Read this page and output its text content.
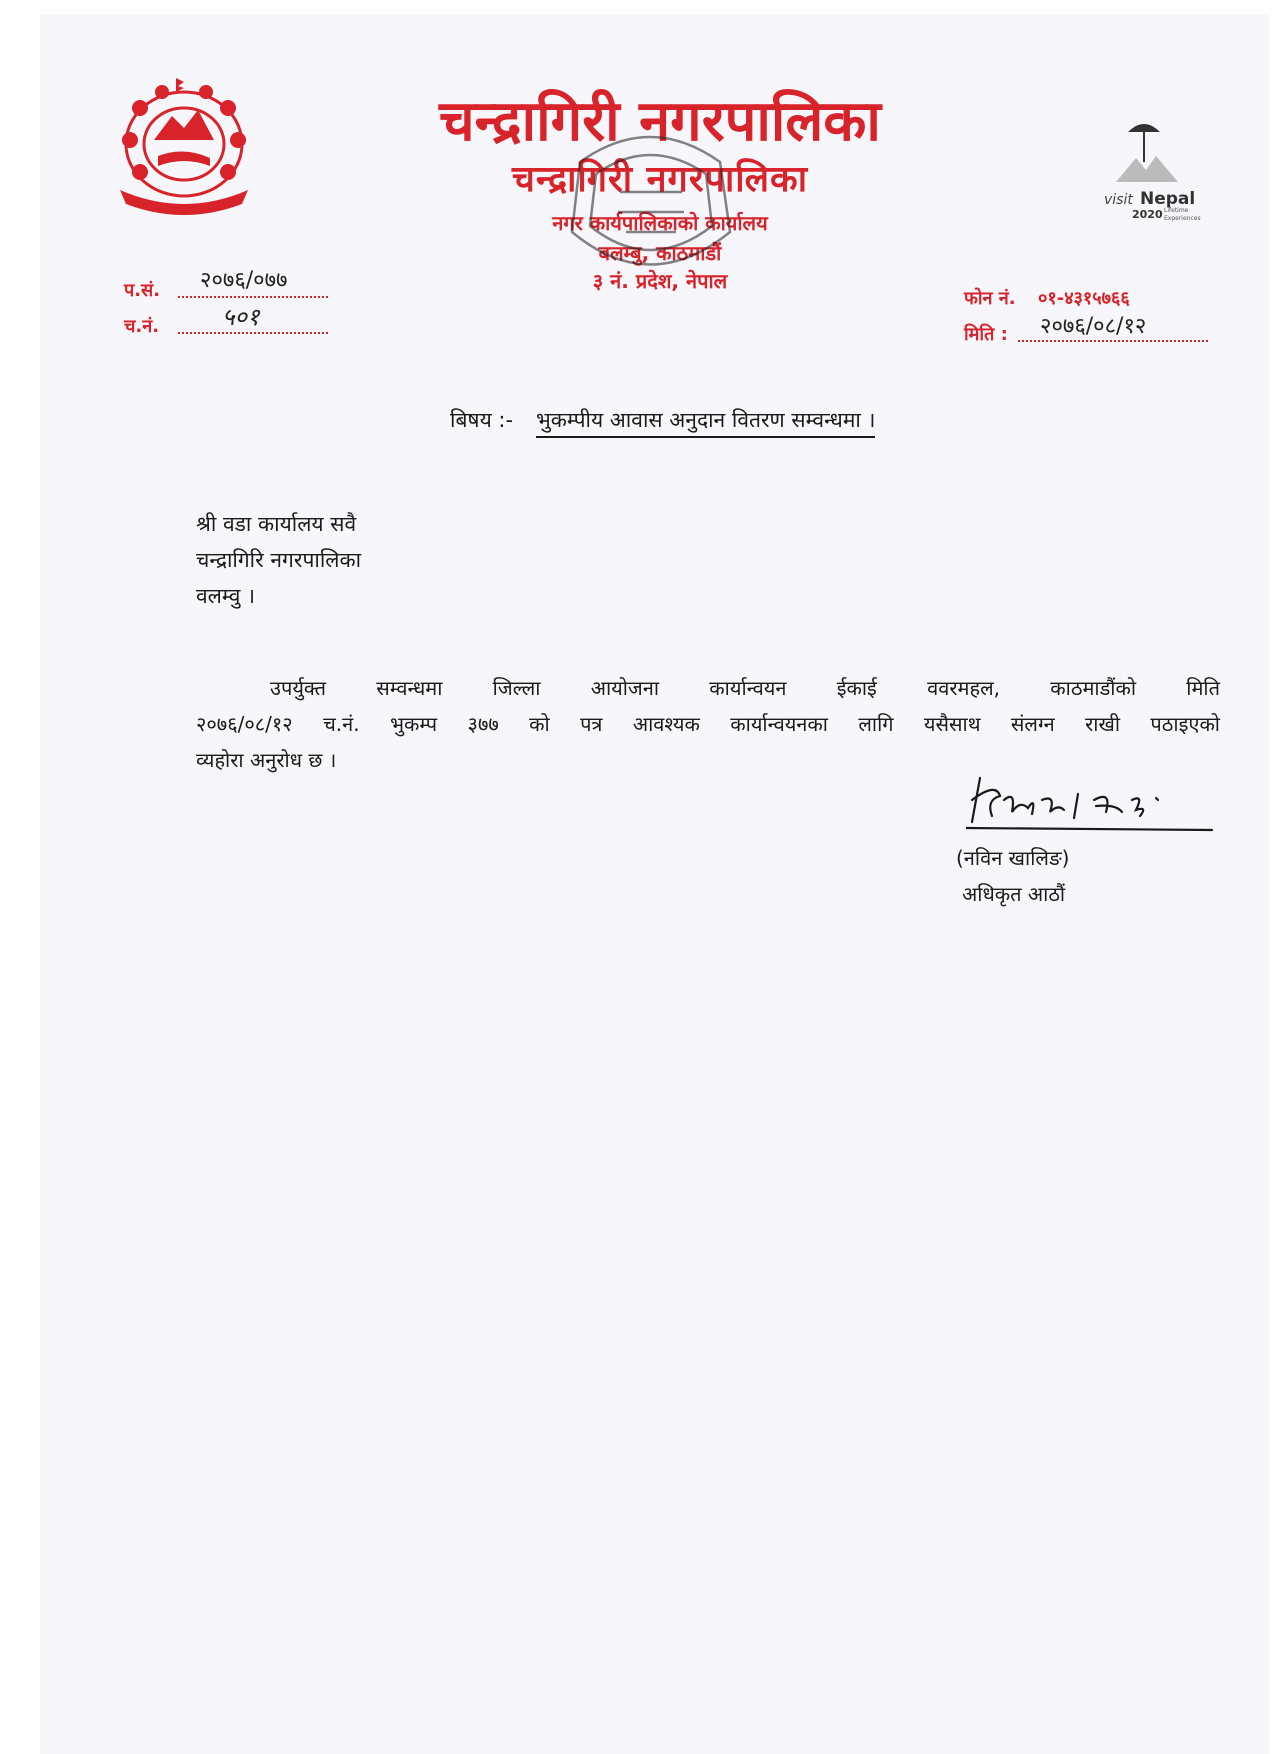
visit Nepal
2020 Lifetime
Experiences
चन्द्रागिरी नगरपालिका
चन्द्रागिरी नगरपालिका
नगर कार्यपालिकाको कार्यालय
बलम्बु, काठमाडौं
३ नं. प्रदेश, नेपाल
प.सं. २०७६/०७७
च.नं.	५०१
फोन नं. ०१-४३१५७६६
मिति : २०७६/०८/१२
बिषय :- भुकम्पीय आवास अनुदान वितरण सम्वन्धमा ।
श्री वडा कार्यालय सवै
चन्द्रागिरि नगरपालिका
वलम्वु ।
उपर्युक्त सम्वन्धमा जिल्ला आयोजना कार्यान्वयन ईकाई ववरमहल, काठमाडौंको मिति
२०७६/०८/१२ च.नं. भुकम्प ३७७ को पत्र आवश्यक कार्यान्वयनका लागि यसैसाथ संलग्न राखी पठाइएको
व्यहोरा अनुरोध छ ।
(नविन खालिङ)
अधिकृत आठौं
